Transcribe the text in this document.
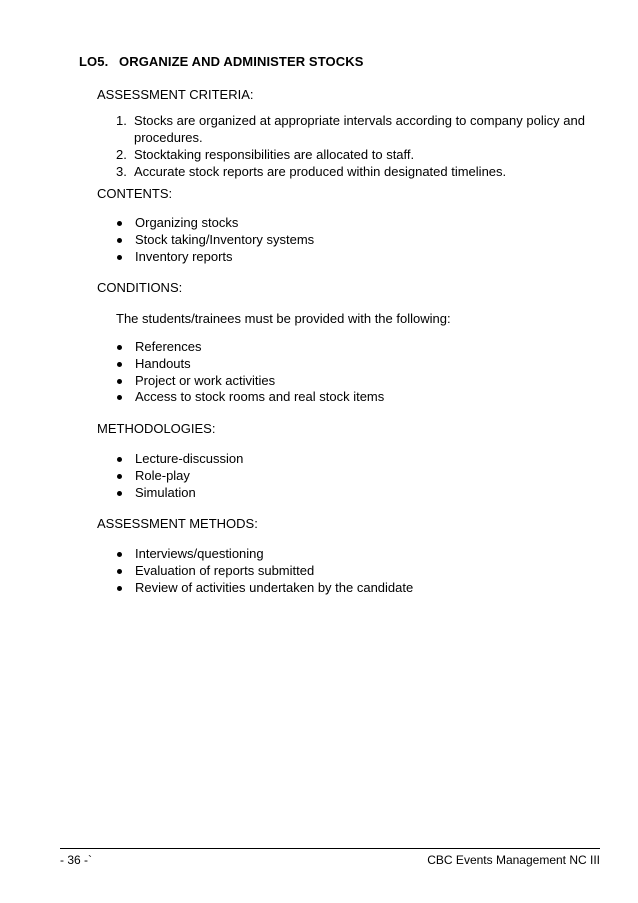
LO5. ORGANIZE AND ADMINISTER STOCKS
ASSESSMENT CRITERIA:
1. Stocks are organized at appropriate intervals according to company policy and procedures.
2. Stocktaking responsibilities are allocated to staff.
3. Accurate stock reports are produced within designated timelines.
CONTENTS:
Organizing stocks
Stock taking/Inventory systems
Inventory reports
CONDITIONS:
The students/trainees must be provided with the following:
References
Handouts
Project or work activities
Access to stock rooms and real stock items
METHODOLOGIES:
Lecture-discussion
Role-play
Simulation
ASSESSMENT METHODS:
Interviews/questioning
Evaluation of reports submitted
Review of activities undertaken by the candidate
- 36 -`	CBC Events Management NC III
